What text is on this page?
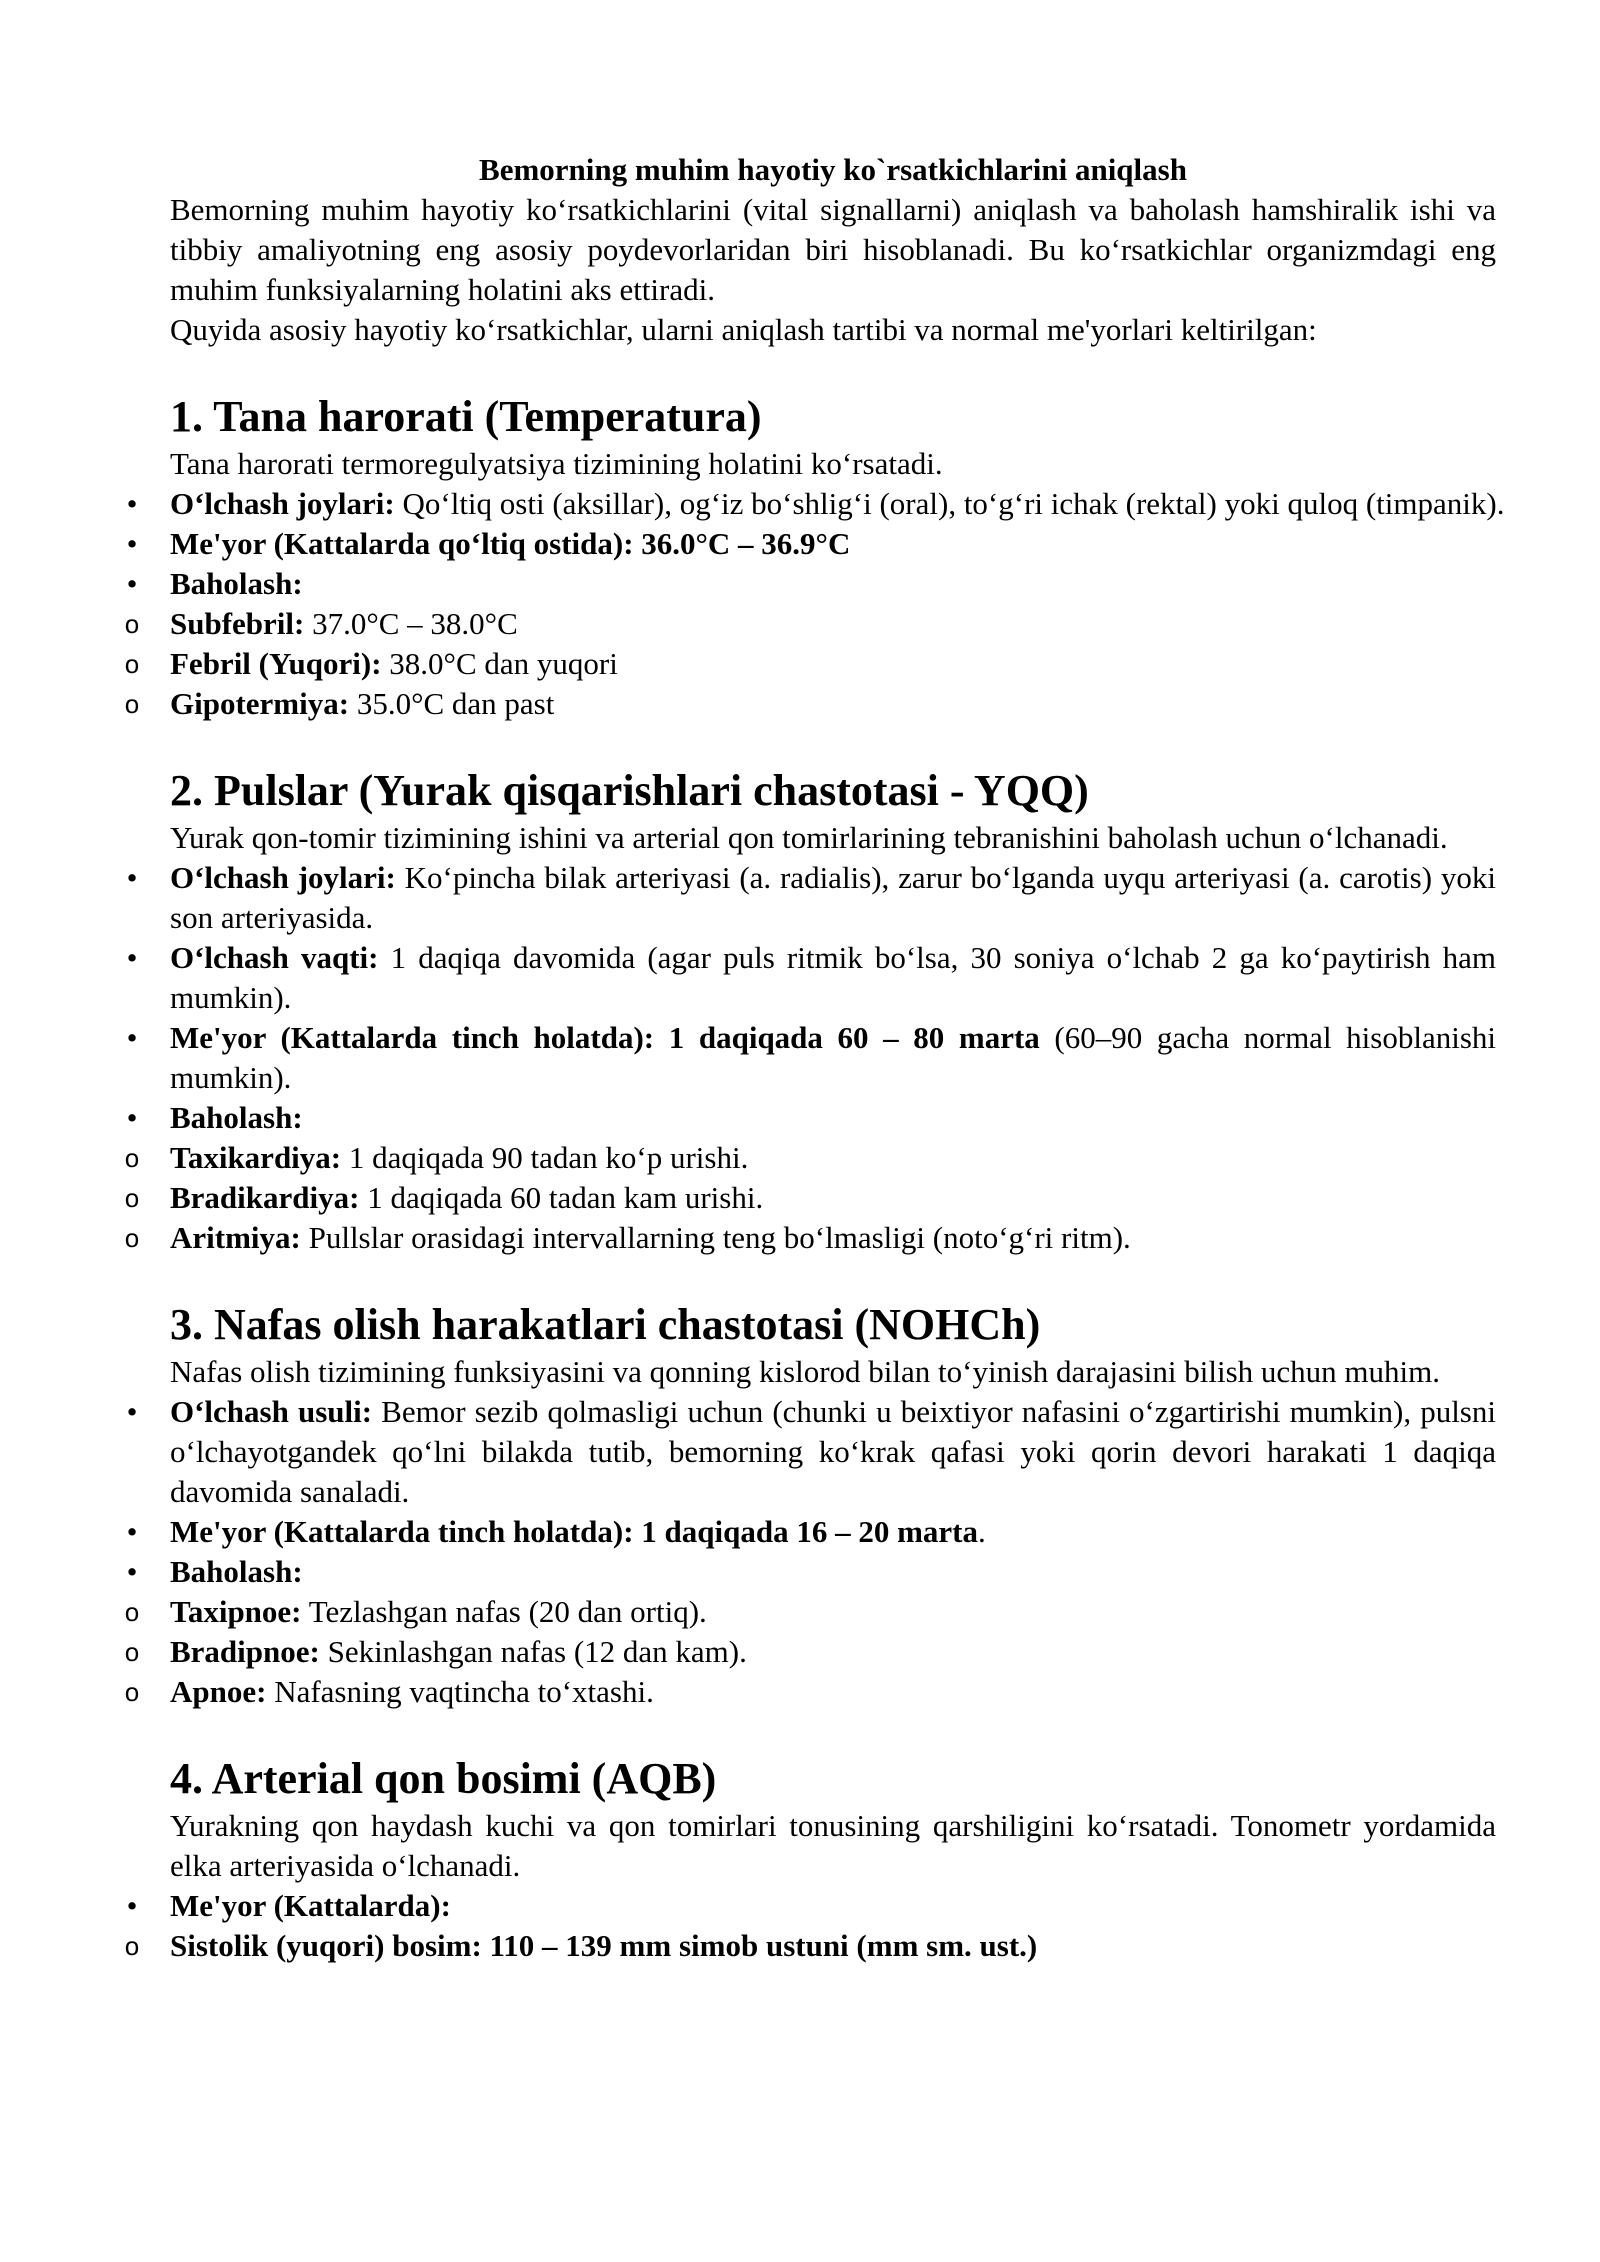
Bemorning muhim hayotiy ko`rsatkichlarini aniqlash

Bemorning muhim hayotiy ko‘rsatkichlarini (vital signallarni) aniqlash va baholash hamshiralik ishi va tibbiy amaliyotning eng asosiy poydevorlaridan biri hisoblanadi. Bu ko‘rsatkichlar organizmdagi eng muhim funksiyalarning holatini aks ettiradi.

Quyida asosiy hayotiy ko‘rsatkichlar, ularni aniqlash tartibi va normal me'yorlari keltirilgan:

1. Tana harorati (Temperatura)

Tana harorati termoregulyatsiya tizimining holatini ko‘rsatadi.

• O‘lchash joylari: Qo‘ltiq osti (aksillar), og‘iz bo‘shlig‘i (oral), to‘g‘ri ichak (rektal) yoki quloq (timpanik).
• Me'yor (Kattalarda qo‘ltiq ostida): 36.0°C – 36.9°C
• Baholash:
o Subfebril: 37.0°C – 38.0°C
o Febril (Yuqori): 38.0°C dan yuqori
o Gipotermiya: 35.0°C dan past
2. Pulslar (Yurak qisqarishlari chastotasi - YQQ)

Yurak qon-tomir tizimining ishini va arterial qon tomirlarining tebranishini baholash uchun o‘lchanadi.

• O‘lchash joylari: Ko‘pincha bilak arteriyasi (a. radialis), zarur bo‘lganda uyqu arteriyasi (a. carotis) yoki son arteriyasida.
• O‘lchash vaqti: 1 daqiqa davomida (agar puls ritmik bo‘lsa, 30 soniya o‘lchab 2 ga ko‘paytirish ham mumkin).
• Me'yor (Kattalarda tinch holatda): 1 daqiqada 60 – 80 marta (60–90 gacha normal hisoblanishi mumkin).
• Baholash:
o Taxikardiya: 1 daqiqada 90 tadan ko‘p urishi.
o Bradikardiya: 1 daqiqada 60 tadan kam urishi.
o Aritmiya: Pullslar orasidagi intervallarning teng bo‘lmasligi (noto‘g‘ri ritm).
3. Nafas olish harakatlari chastotasi (NOHCh)

Nafas olish tizimining funksiyasini va qonning kislorod bilan to‘yinish darajasini bilish uchun muhim.

• O‘lchash usuli: Bemor sezib qolmasligi uchun (chunki u beixtiyor nafasini o‘zgartirishi mumkin), pulsni o‘lchayotgandek qo‘lni bilakda tutib, bemorning ko‘krak qafasi yoki qorin devori harakati 1 daqiqa davomida sanaladi.
• Me'yor (Kattalarda tinch holatda): 1 daqiqada 16 – 20 marta.
• Baholash:
o Taxipnoe: Tezlashgan nafas (20 dan ortiq).
o Bradipnoe: Sekinlashgan nafas (12 dan kam).
o Apnoe: Nafasning vaqtincha to‘xtashi.
4. Arterial qon bosimi (AQB)

Yurakning qon haydash kuchi va qon tomirlari tonusining qarshiligini ko‘rsatadi. Tonometr yordamida elka arteriyasida o‘lchanadi.

• Me'yor (Kattalarda):
o Sistolik (yuqori) bosim: 110 – 139 mm simob ustuni (mm sm. ust.)
